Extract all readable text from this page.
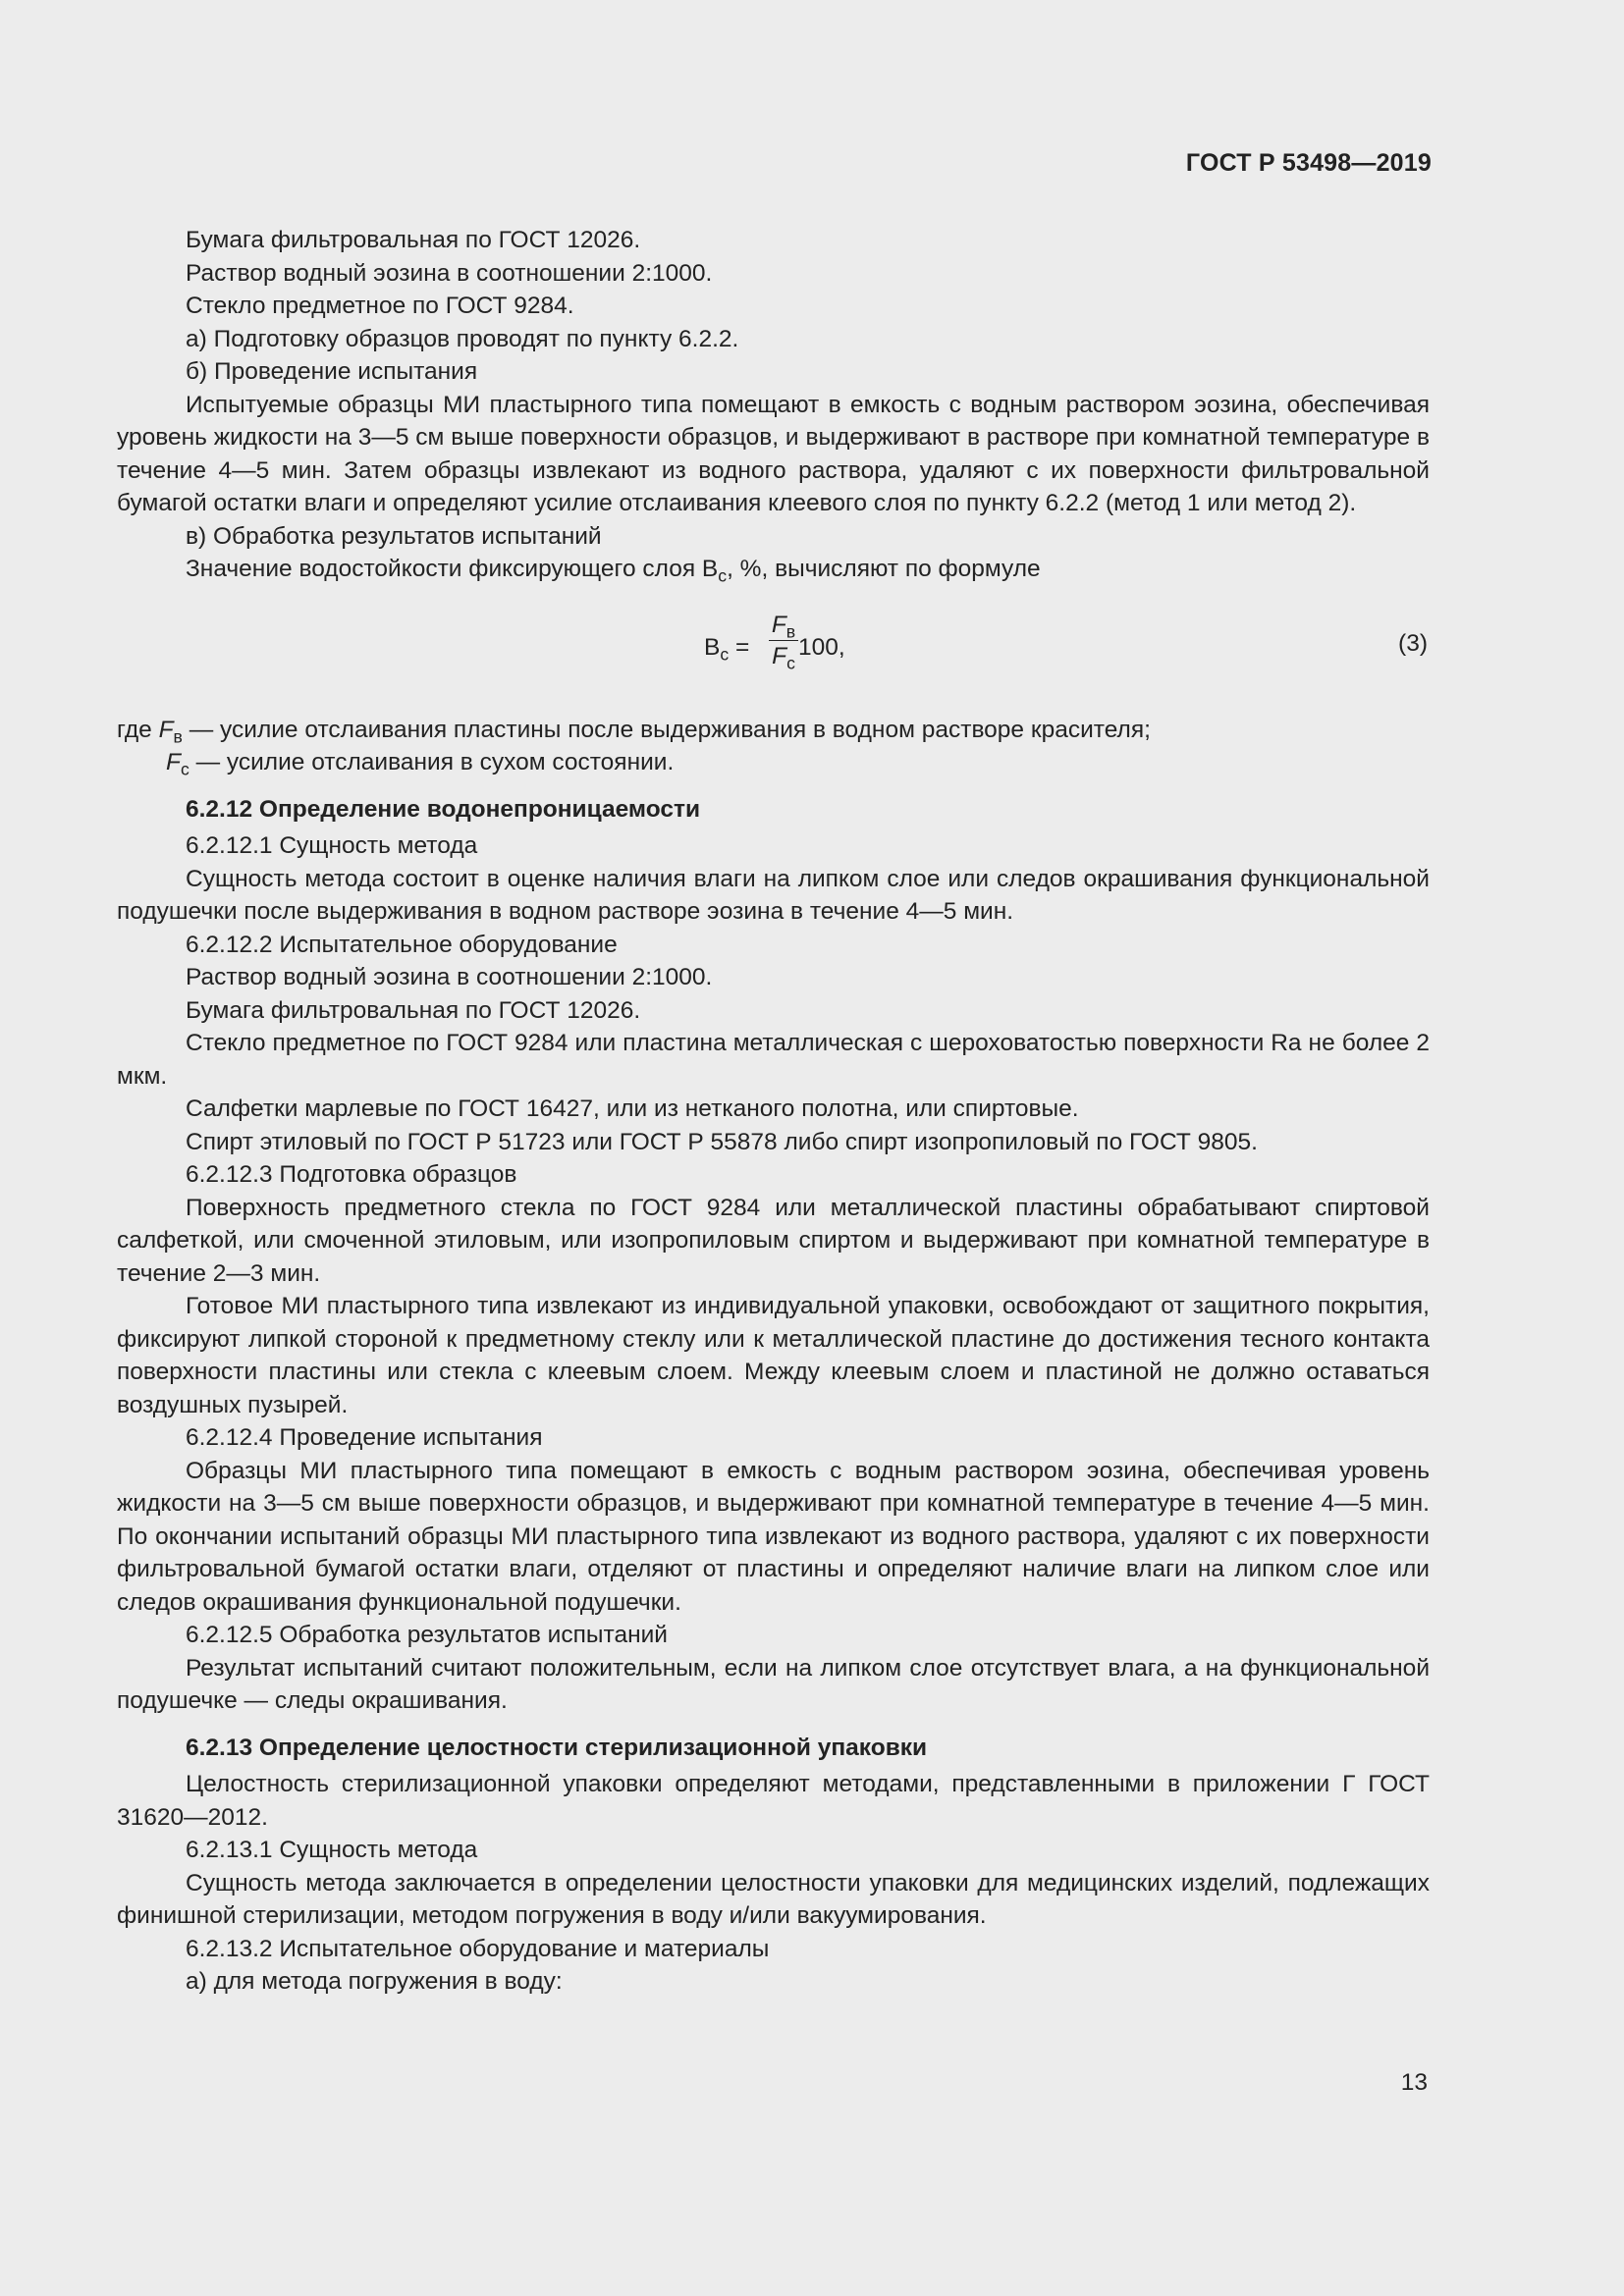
ГОСТ Р 53498—2019

Бумага фильтровальная по ГОСТ 12026.

Раствор водный эозина в соотношении 2:1000.

Стекло предметное по ГОСТ 9284.

а) Подготовку образцов проводят по пункту 6.2.2.

б) Проведение испытания

Испытуемые образцы МИ пластырного типа помещают в емкость с водным раствором эозина, обеспечивая уровень жидкости на 3—5 см выше поверхности образцов, и выдерживают в растворе при комнатной температуре в течение 4—5 мин. Затем образцы извлекают из водного раствора, удаляют с их поверхности фильтровальной бумагой остатки влаги и определяют усилие отслаивания клеевого слоя по пункту 6.2.2 (метод 1 или метод 2).

в) Обработка результатов испытаний

Значение водостойкости фиксирующего слоя $В_с$, %, вычисляют по формуле

$В_с$ =
$F_в$
$F_с$
100,	(3)

где $F_в$ — усилие отслаивания пластины после выдерживания в водном растворе красителя;

$F_с$ — усилие отслаивания в сухом состоянии.

6.2.12 Определение водонепроницаемости

6.2.12.1 Сущность метода

Сущность метода состоит в оценке наличия влаги на липком слое или следов окрашивания функциональной подушечки после выдерживания в водном растворе эозина в течение 4—5 мин.

6.2.12.2 Испытательное оборудование

Раствор водный эозина в соотношении 2:1000.

Бумага фильтровальная по ГОСТ 12026.

Стекло предметное по ГОСТ 9284 или пластина металлическая с шероховатостью поверхности Ra не более 2 мкм.

Салфетки марлевые по ГОСТ 16427, или из нетканого полотна, или спиртовые.

Спирт этиловый по ГОСТ Р 51723 или ГОСТ Р 55878 либо спирт изопропиловый по ГОСТ 9805.

6.2.12.3 Подготовка образцов

Поверхность предметного стекла по ГОСТ 9284 или металлической пластины обрабатывают спиртовой салфеткой, или смоченной этиловым, или изопропиловым спиртом и выдерживают при комнатной температуре в течение 2—3 мин.

Готовое МИ пластырного типа извлекают из индивидуальной упаковки, освобождают от защитного покрытия, фиксируют липкой стороной к предметному стеклу или к металлической пластине до достижения тесного контакта поверхности пластины или стекла с клеевым слоем. Между клеевым слоем и пластиной не должно оставаться воздушных пузырей.

6.2.12.4 Проведение испытания

Образцы МИ пластырного типа помещают в емкость с водным раствором эозина, обеспечивая уровень жидкости на 3—5 см выше поверхности образцов, и выдерживают при комнатной температуре в течение 4—5 мин. По окончании испытаний образцы МИ пластырного типа извлекают из водного раствора, удаляют с их поверхности фильтровальной бумагой остатки влаги, отделяют от пластины и определяют наличие влаги на липком слое или следов окрашивания функциональной подушечки.

6.2.12.5 Обработка результатов испытаний

Результат испытаний считают положительным, если на липком слое отсутствует влага, а на функциональной подушечке — следы окрашивания.

6.2.13 Определение целостности стерилизационной упаковки

Целостность стерилизационной упаковки определяют методами, представленными в приложении Г ГОСТ 31620—2012.

6.2.13.1 Сущность метода

Сущность метода заключается в определении целостности упаковки для медицинских изделий, подлежащих финишной стерилизации, методом погружения в воду и/или вакуумирования.

6.2.13.2 Испытательное оборудование и материалы

а) для метода погружения в воду:

13
